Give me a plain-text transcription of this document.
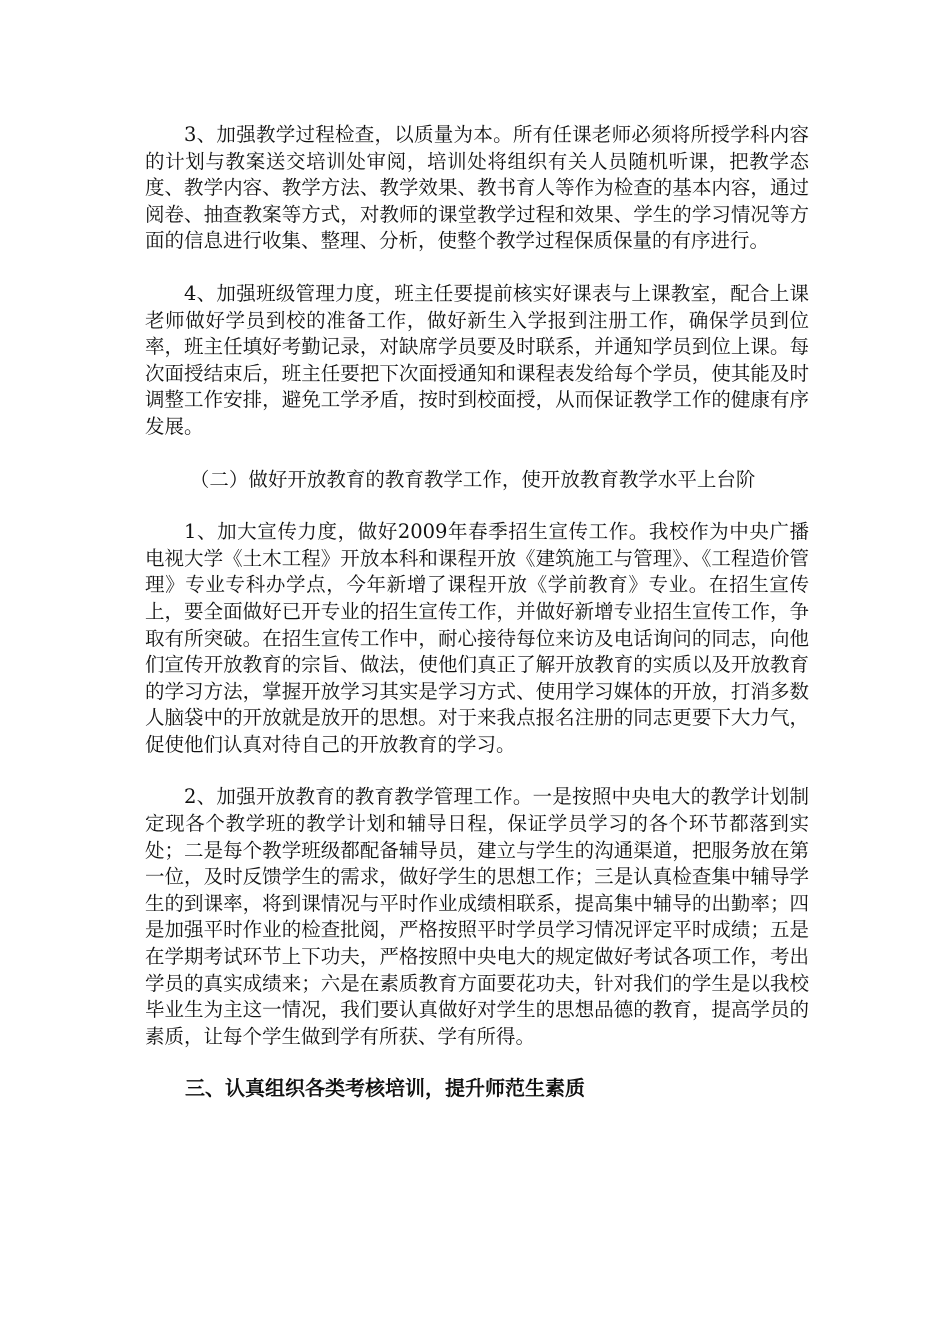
3、加强教学过程检查，以质量为本。所有任课老师必须将所授学科内容的计划与教案送交培训处审阅，培训处将组织有关人员随机听课，把教学态度、教学内容、教学方法、教学效果、教书育人等作为检查的基本内容，通过阅卷、抽查教案等方式，对教师的课堂教学过程和效果、学生的学习情况等方面的信息进行收集、整理、分析，使整个教学过程保质保量的有序进行。

4、加强班级管理力度，班主任要提前核实好课表与上课教室，配合上课老师做好学员到校的准备工作，做好新生入学报到注册工作，确保学员到位率，班主任填好考勤记录，对缺席学员要及时联系，并通知学员到位上课。每次面授结束后，班主任要把下次面授通知和课程表发给每个学员，使其能及时调整工作安排，避免工学矛盾，按时到校面授，从而保证教学工作的健康有序发展。

（二）做好开放教育的教育教学工作，使开放教育教学水平上台阶

1、加大宣传力度，做好2009年春季招生宣传工作。我校作为中央广播电视大学《土木工程》开放本科和课程开放《建筑施工与管理》、《工程造价管理》专业专科办学点，今年新增了课程开放《学前教育》专业。在招生宣传上，要全面做好已开专业的招生宣传工作，并做好新增专业招生宣传工作，争取有所突破。在招生宣传工作中，耐心接待每位来访及电话询问的同志，向他们宣传开放教育的宗旨、做法，使他们真正了解开放教育的实质以及开放教育的学习方法，掌握开放学习其实是学习方式、使用学习媒体的开放，打消多数人脑袋中的开放就是放开的思想。对于来我点报名注册的同志更要下大力气，促使他们认真对待自己的开放教育的学习。

2、加强开放教育的教育教学管理工作。一是按照中央电大的教学计划制定现各个教学班的教学计划和辅导日程，保证学员学习的各个环节都落到实处；二是每个教学班级都配备辅导员，建立与学生的沟通渠道，把服务放在第一位，及时反馈学生的需求，做好学生的思想工作；三是认真检查集中辅导学生的到课率，将到课情况与平时作业成绩相联系，提高集中辅导的出勤率；四是加强平时作业的检查批阅，严格按照平时学员学习情况评定平时成绩；五是在学期考试环节上下功夫，严格按照中央电大的规定做好考试各项工作，考出学员的真实成绩来；六是在素质教育方面要花功夫，针对我们的学生是以我校毕业生为主这一情况，我们要认真做好对学生的思想品德的教育，提高学员的素质，让每个学生做到学有所获、学有所得。

三、认真组织各类考核培训，提升师范生素质
